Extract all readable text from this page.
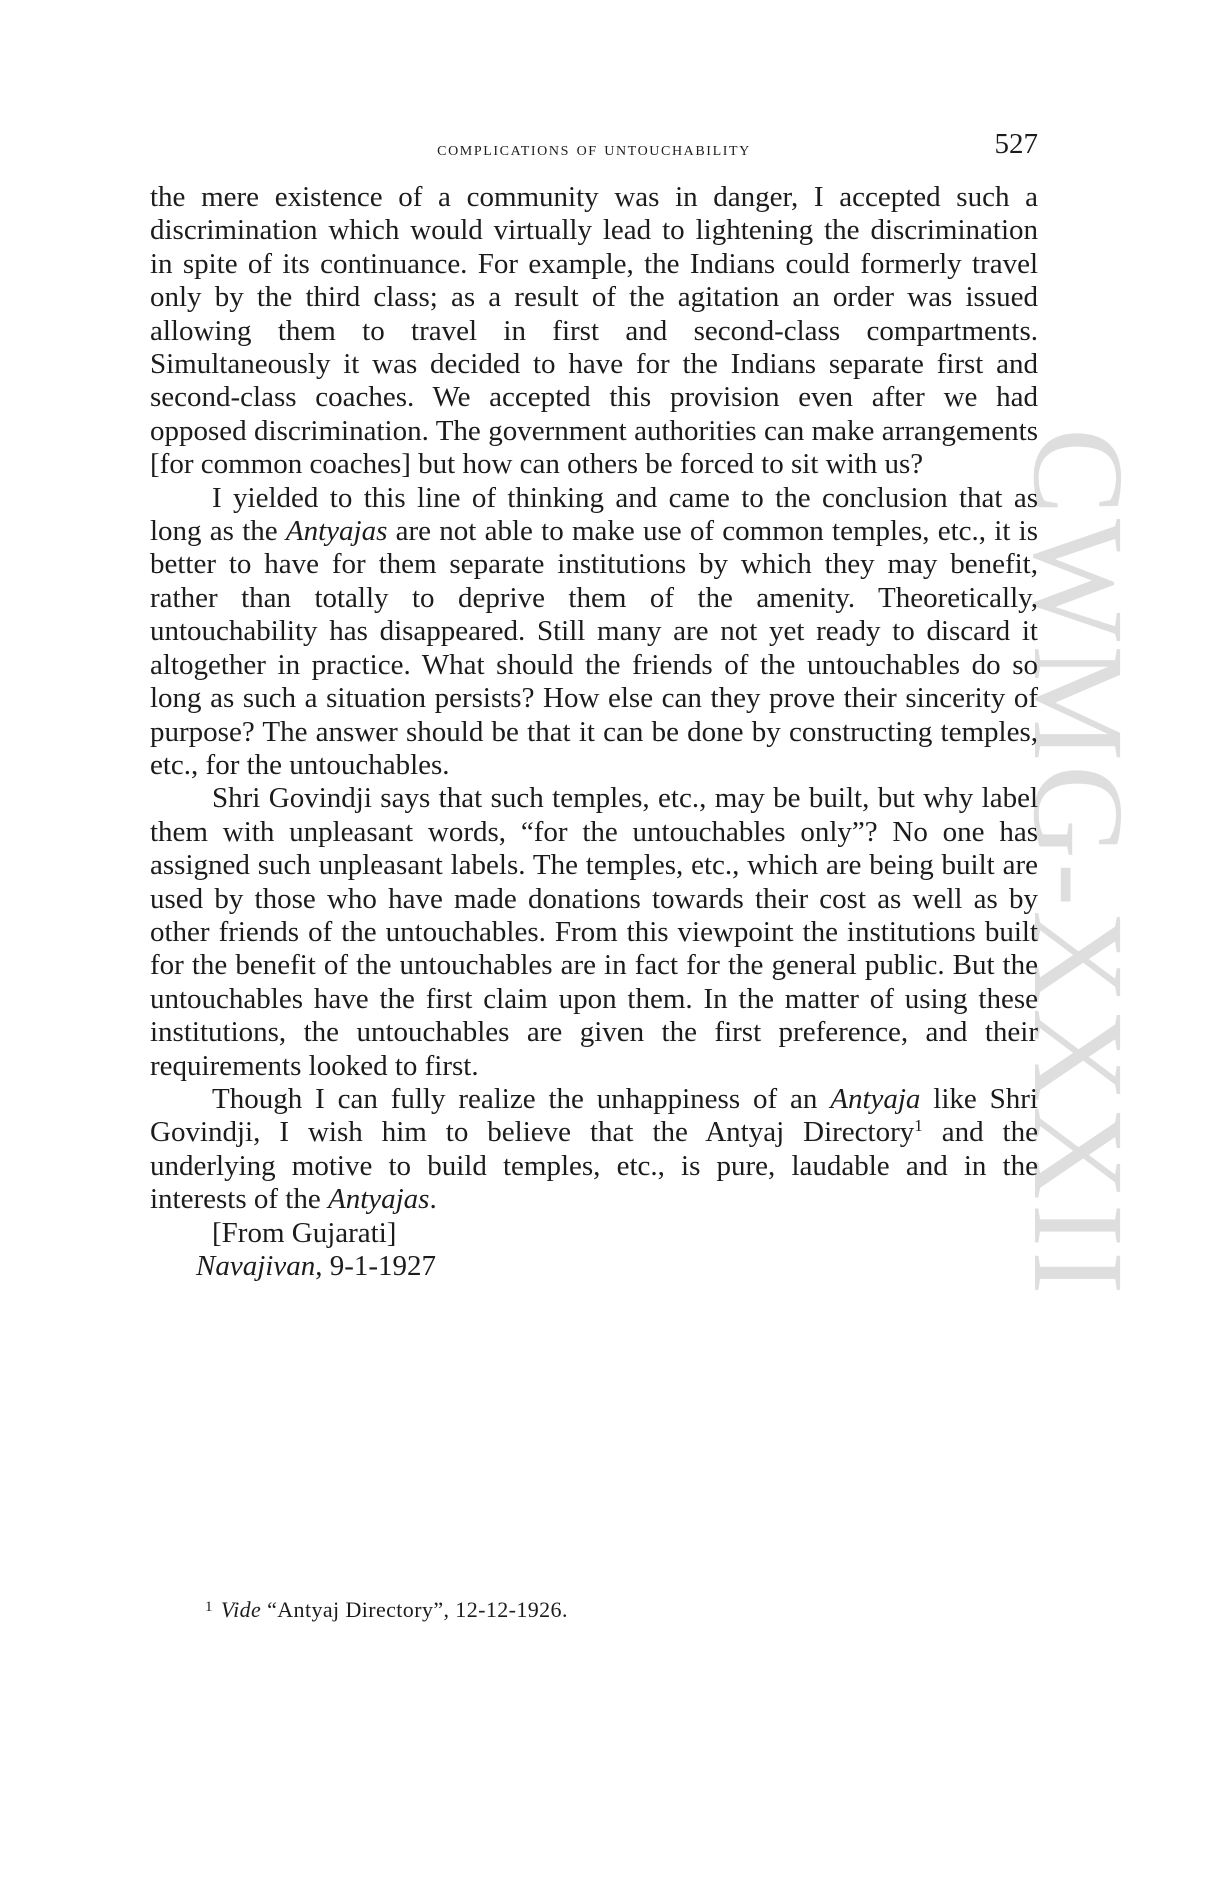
CWMG-XXXII
complications of untouchability	527

the mere existence of a community was in danger, I accepted such a discrimination which would virtually lead to lightening the discrimination in spite of its continuance. For example, the Indians could formerly travel only by the third class; as a result of the agitation an order was issued allowing them to travel in first and second-class compartments. Simultaneously it was decided to have for the Indians separate first and second-class coaches. We accepted this provision even after we had opposed discrimination. The government authorities can make arrangements [for common coaches] but how can others be forced to sit with us?

I yielded to this line of thinking and came to the conclusion that as long as the Antyajas are not able to make use of common temples, etc., it is better to have for them separate institutions by which they may benefit, rather than totally to deprive them of the amenity. Theoretically, untouchability has disappeared. Still many are not yet ready to discard it altogether in practice. What should the friends of the untouchables do so long as such a situation persists? How else can they prove their sincerity of purpose? The answer should be that it can be done by constructing temples, etc., for the untouchables.

Shri Govindji says that such temples, etc., may be built, but why label them with unpleasant words, “for the untouchables only”? No one has assigned such unpleasant labels. The temples, etc., which are being built are used by those who have made donations towards their cost as well as by other friends of the untouchables. From this viewpoint the institutions built for the benefit of the untouchables are in fact for the general public. But the untouchables have the first claim upon them. In the matter of using these institutions, the untouchables are given the first preference, and their requirements looked to first.

Though I can fully realize the unhappiness of an Antyaja like Shri Govindji, I wish him to believe that the Antyaj Directory$^1$ and the underlying motive to build temples, etc., is pure, laudable and in the interests of the Antyajas.

[From Gujarati]

Navajivan, 9-1-1927

$^1$ Vide “Antyaj Directory”, 12-12-1926.
